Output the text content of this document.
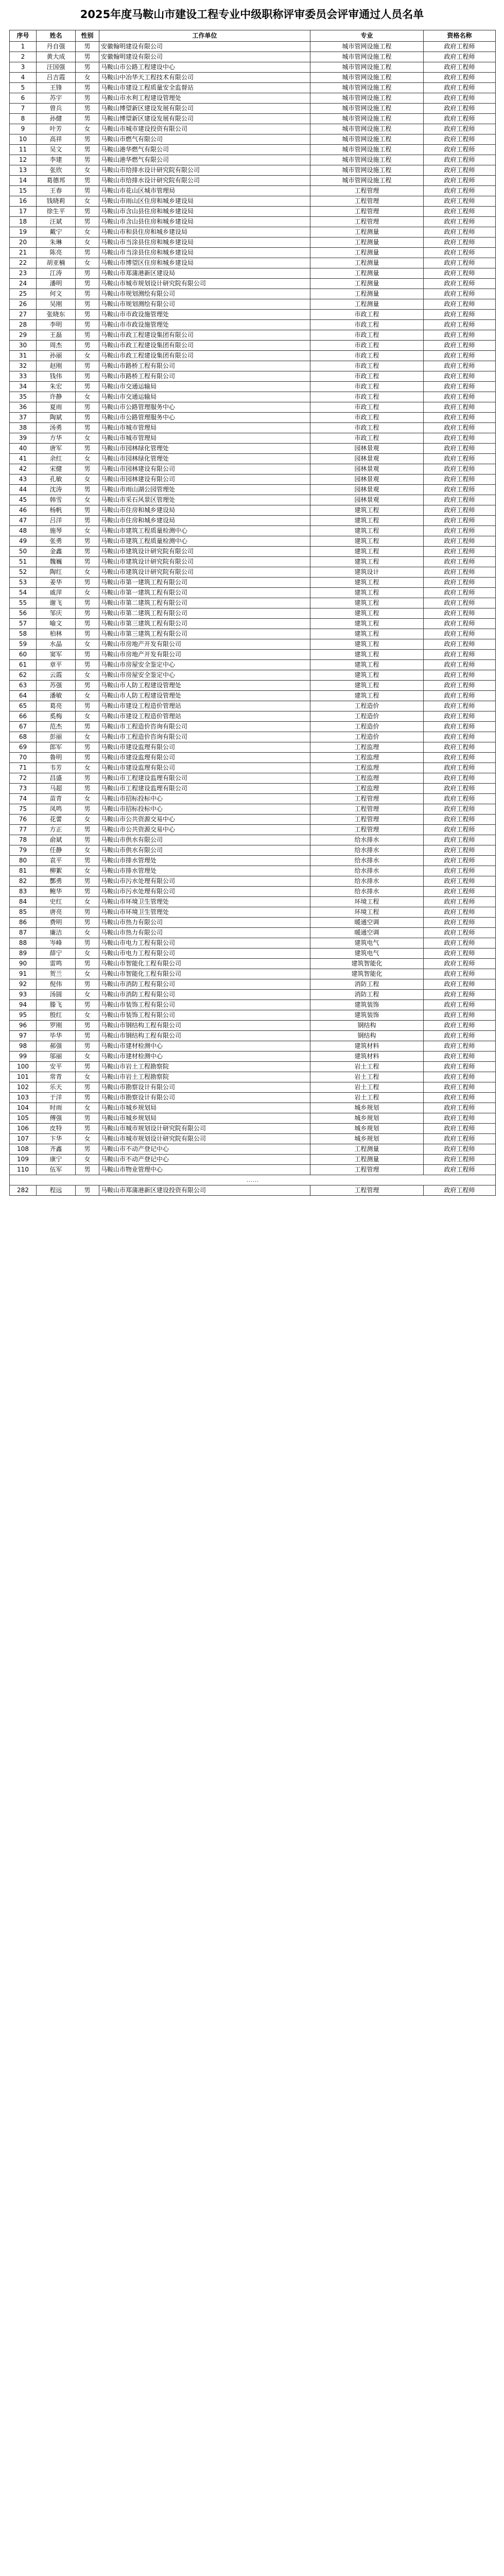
2025年度马鞍山市建设工程专业中级职称评审委员会评审通过人员名单
序号	姓名	性别	工作单位	专业	资格名称
1	丹自强	男	安徽翰明建设有限公司	城市管网设施工程	政府工程师
2	黄大成	男	安徽翰明建设有限公司	城市管网设施工程	政府工程师
3	汪国强	男	马鞍山市公路工程建设中心	城市管网设施工程	政府工程师
4	吕吉霞	女	马鞍山中冶华天工程技术有限公司	城市管网设施工程	政府工程师
5	王锋	男	马鞍山市建设工程质量安全监督站	城市管网设施工程	政府工程师
6	苏宇	男	马鞍山市水利工程建设管理处	城市管网设施工程	政府工程师
7	曾兵	男	马鞍山博望新区建设发展有限公司	城市管网设施工程	政府工程师
8	孙健	男	马鞍山博望新区建设发展有限公司	城市管网设施工程	政府工程师
9	叶芳	女	马鞍山市城市建设投资有限公司	城市管网设施工程	政府工程师
10	高祥	男	马鞍山市燃气有限公司	城市管网设施工程	政府工程师
11	吴文	男	马鞍山港华燃气有限公司	城市管网设施工程	政府工程师
12	李建	男	马鞍山港华燃气有限公司	城市管网设施工程	政府工程师
13	张欣	女	马鞍山市给排水设计研究院有限公司	城市管网设施工程	政府工程师
14	葛德邦	男	马鞍山市给排水设计研究院有限公司	城市管网设施工程	政府工程师
15	王春	男	马鞍山市花山区城市管理局	工程管理	政府工程师
16	钱晓莉	女	马鞍山市雨山区住房和城乡建设局	工程管理	政府工程师
17	徐生平	男	马鞍山市含山县住房和城乡建设局	工程管理	政府工程师
18	汪斌	男	马鞍山市含山县住房和城乡建设局	工程管理	政府工程师
19	戴宁	女	马鞍山市和县住房和城乡建设局	工程测量	政府工程师
20	朱琳	女	马鞍山市当涂县住房和城乡建设局	工程测量	政府工程师
21	陈亮	男	马鞍山市当涂县住房和城乡建设局	工程测量	政府工程师
22	胡亚楠	女	马鞍山市博望区住房和城乡建设局	工程测量	政府工程师
23	江涛	男	马鞍山市郑蒲港新区建设局	工程测量	政府工程师
24	潘明	男	马鞍山市城市规划设计研究院有限公司	工程测量	政府工程师
25	何文	男	马鞍山市规划测绘有限公司	工程测量	政府工程师
26	吴刚	男	马鞍山市规划测绘有限公司	工程测量	政府工程师
27	张晓东	男	马鞍山市市政设施管理处	市政工程	政府工程师
28	李明	男	马鞍山市市政设施管理处	市政工程	政府工程师
29	王磊	男	马鞍山市政工程建设集团有限公司	市政工程	政府工程师
30	周杰	男	马鞍山市政工程建设集团有限公司	市政工程	政府工程师
31	孙丽	女	马鞍山市政工程建设集团有限公司	市政工程	政府工程师
32	赵刚	男	马鞍山市路桥工程有限公司	市政工程	政府工程师
33	钱伟	男	马鞍山市路桥工程有限公司	市政工程	政府工程师
34	朱宏	男	马鞍山市交通运输局	市政工程	政府工程师
35	许静	女	马鞍山市交通运输局	市政工程	政府工程师
36	夏雨	男	马鞍山市公路管理服务中心	市政工程	政府工程师
37	陶斌	男	马鞍山市公路管理服务中心	市政工程	政府工程师
38	汤勇	男	马鞍山市城市管理局	市政工程	政府工程师
39	方华	女	马鞍山市城市管理局	市政工程	政府工程师
40	唐军	男	马鞍山市园林绿化管理处	园林景观	政府工程师
41	余红	女	马鞍山市园林绿化管理处	园林景观	政府工程师
42	宋健	男	马鞍山市园林建设有限公司	园林景观	政府工程师
43	孔敏	女	马鞍山市园林建设有限公司	园林景观	政府工程师
44	沈涛	男	马鞍山市雨山湖公园管理处	园林景观	政府工程师
45	韩雪	女	马鞍山市采石风景区管理处	园林景观	政府工程师
46	杨帆	男	马鞍山市住房和城乡建设局	建筑工程	政府工程师
47	吕洋	男	马鞍山市住房和城乡建设局	建筑工程	政府工程师
48	施琴	女	马鞍山市建筑工程质量检测中心	建筑工程	政府工程师
49	张勇	男	马鞍山市建筑工程质量检测中心	建筑工程	政府工程师
50	金鑫	男	马鞍山市建筑设计研究院有限公司	建筑工程	政府工程师
51	魏巍	男	马鞍山市建筑设计研究院有限公司	建筑工程	政府工程师
52	陶红	女	马鞍山市建筑设计研究院有限公司	建筑设计	政府工程师
53	姜华	男	马鞍山市第一建筑工程有限公司	建筑工程	政府工程师
54	戚萍	女	马鞍山市第一建筑工程有限公司	建筑工程	政府工程师
55	谢飞	男	马鞍山市第二建筑工程有限公司	建筑工程	政府工程师
56	邹庆	男	马鞍山市第二建筑工程有限公司	建筑工程	政府工程师
57	喻文	男	马鞍山市第三建筑工程有限公司	建筑工程	政府工程师
58	柏林	男	马鞍山市第三建筑工程有限公司	建筑工程	政府工程师
59	水晶	女	马鞍山市房地产开发有限公司	建筑工程	政府工程师
60	窦军	男	马鞍山市房地产开发有限公司	建筑工程	政府工程师
61	章平	男	马鞍山市房屋安全鉴定中心	建筑工程	政府工程师
62	云霞	女	马鞍山市房屋安全鉴定中心	建筑工程	政府工程师
63	苏强	男	马鞍山市人防工程建设管理处	建筑工程	政府工程师
64	潘敏	女	马鞍山市人防工程建设管理处	建筑工程	政府工程师
65	葛亮	男	马鞍山市建设工程造价管理站	工程造价	政府工程师
66	奚梅	女	马鞍山市建设工程造价管理站	工程造价	政府工程师
67	范杰	男	马鞍山市工程造价咨询有限公司	工程造价	政府工程师
68	彭丽	女	马鞍山市工程造价咨询有限公司	工程造价	政府工程师
69	郎军	男	马鞍山市建设监理有限公司	工程监理	政府工程师
70	鲁明	男	马鞍山市建设监理有限公司	工程监理	政府工程师
71	韦芳	女	马鞍山市建设监理有限公司	工程监理	政府工程师
72	昌盛	男	马鞍山市工程建设监理有限公司	工程监理	政府工程师
73	马超	男	马鞍山市工程建设监理有限公司	工程监理	政府工程师
74	苗青	女	马鞍山市招标投标中心	工程管理	政府工程师
75	凤鸣	男	马鞍山市招标投标中心	工程管理	政府工程师
76	花蕾	女	马鞍山市公共资源交易中心	工程管理	政府工程师
77	方正	男	马鞍山市公共资源交易中心	工程管理	政府工程师
78	俞斌	男	马鞍山市供水有限公司	给水排水	政府工程师
79	任静	女	马鞍山市供水有限公司	给水排水	政府工程师
80	袁平	男	马鞍山市排水管理处	给水排水	政府工程师
81	柳絮	女	马鞍山市排水管理处	给水排水	政府工程师
82	酆勇	男	马鞍山市污水处理有限公司	给水排水	政府工程师
83	鲍华	男	马鞍山市污水处理有限公司	给水排水	政府工程师
84	史红	女	马鞍山市环境卫生管理处	环境工程	政府工程师
85	唐亮	男	马鞍山市环境卫生管理处	环境工程	政府工程师
86	费明	男	马鞍山市热力有限公司	暖通空调	政府工程师
87	廉洁	女	马鞍山市热力有限公司	暖通空调	政府工程师
88	岑峰	男	马鞍山市电力工程有限公司	建筑电气	政府工程师
89	薛宁	女	马鞍山市电力工程有限公司	建筑电气	政府工程师
90	雷鸣	男	马鞍山市智能化工程有限公司	建筑智能化	政府工程师
91	贺兰	女	马鞍山市智能化工程有限公司	建筑智能化	政府工程师
92	倪伟	男	马鞍山市消防工程有限公司	消防工程	政府工程师
93	汤圆	女	马鞍山市消防工程有限公司	消防工程	政府工程师
94	滕飞	男	马鞍山市装饰工程有限公司	建筑装饰	政府工程师
95	殷红	女	马鞍山市装饰工程有限公司	建筑装饰	政府工程师
96	罗刚	男	马鞍山市钢结构工程有限公司	钢结构	政府工程师
97	毕华	男	马鞍山市钢结构工程有限公司	钢结构	政府工程师
98	郝强	男	马鞍山市建材检测中心	建筑材料	政府工程师
99	邬丽	女	马鞍山市建材检测中心	建筑材料	政府工程师
100	安平	男	马鞍山市岩土工程勘察院	岩土工程	政府工程师
101	常青	女	马鞍山市岩土工程勘察院	岩土工程	政府工程师
102	乐天	男	马鞍山市勘察设计有限公司	岩土工程	政府工程师
103	于洋	男	马鞍山市勘察设计有限公司	岩土工程	政府工程师
104	时雨	女	马鞍山市城乡规划局	城乡规划	政府工程师
105	傅强	男	马鞍山市城乡规划局	城乡规划	政府工程师
106	皮特	男	马鞍山市城市规划设计研究院有限公司	城乡规划	政府工程师
107	卞华	女	马鞍山市城市规划设计研究院有限公司	城乡规划	政府工程师
108	齐鑫	男	马鞍山市不动产登记中心	工程测量	政府工程师
109	康宁	女	马鞍山市不动产登记中心	工程测量	政府工程师
110	伍军	男	马鞍山市物业管理中心	工程管理	政府工程师
……					
282	程远	男	马鞍山市郑蒲港新区建设投资有限公司	工程管理	政府工程师
